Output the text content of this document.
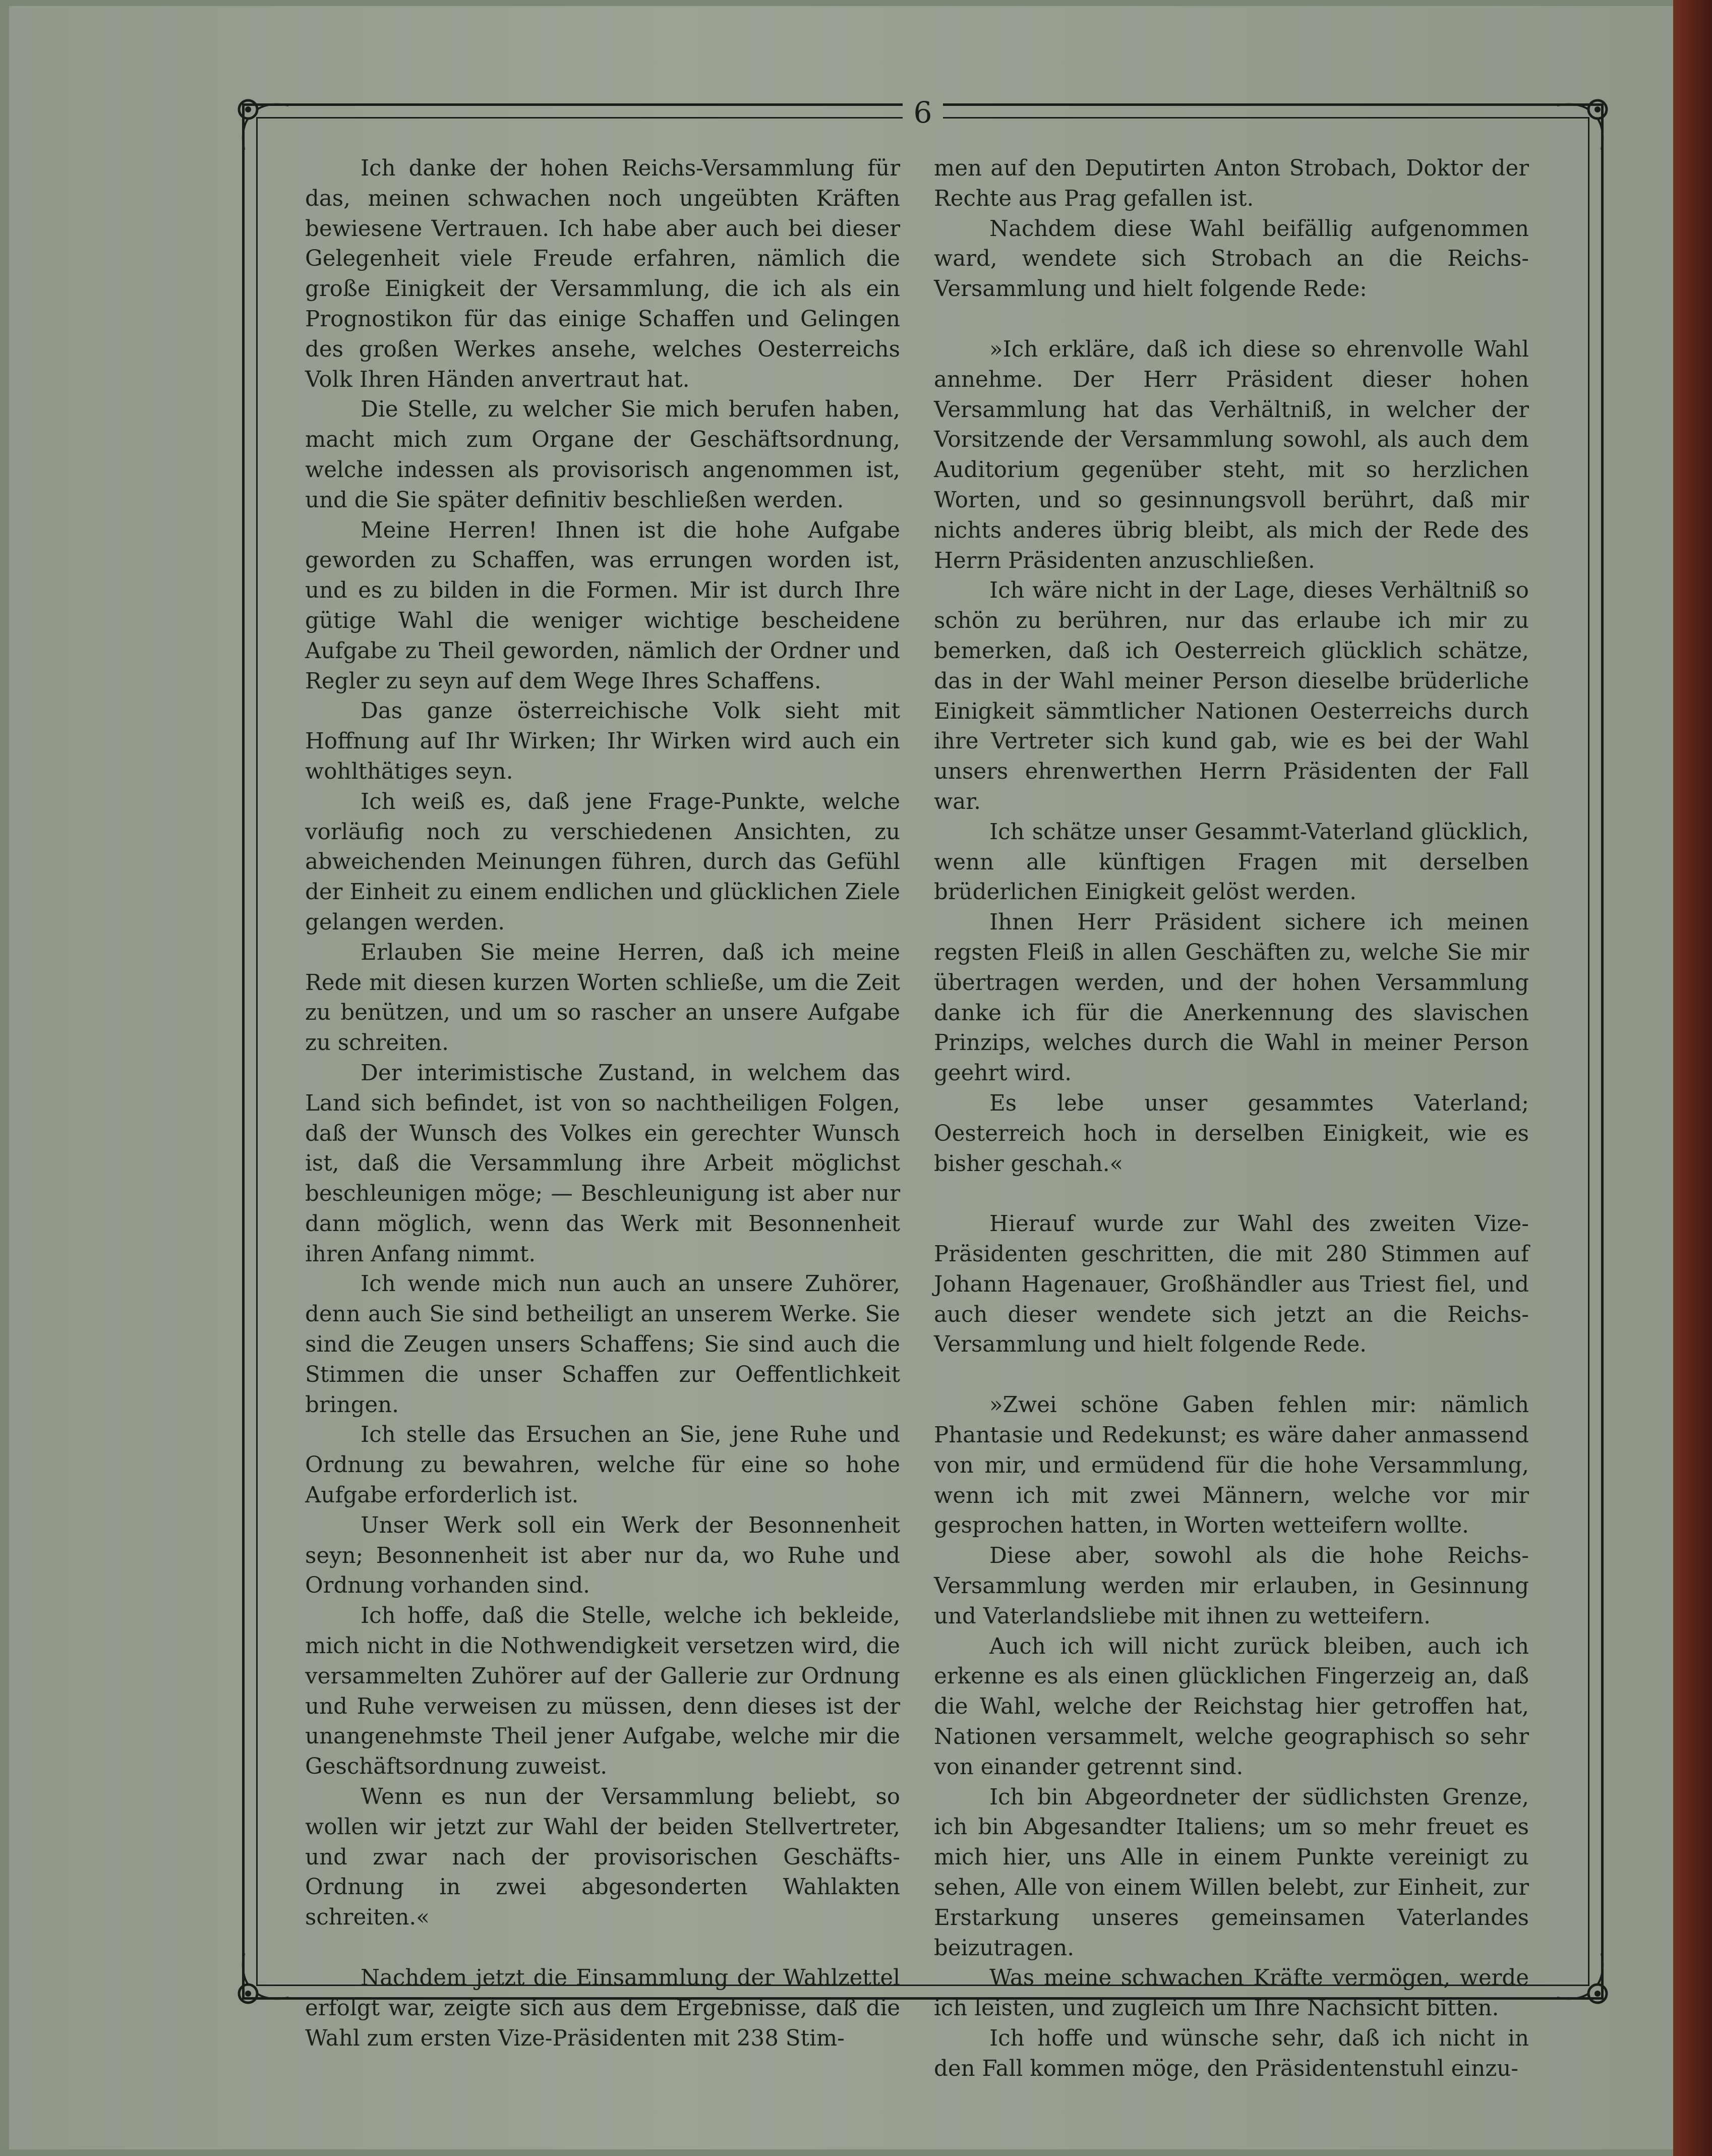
6

Ich danke der hohen Reichs-Versammlung für das, meinen schwachen noch ungeübten Kräften bewiesene Vertrauen. Ich habe aber auch bei dieser Gelegenheit viele Freude erfahren, nämlich die große Einigkeit der Versammlung, die ich als ein Prognostikon für das einige Schaffen und Gelingen des großen Werkes ansehe, welches Oesterreichs Volk Ihren Händen anvertraut hat.

Die Stelle, zu welcher Sie mich berufen haben, macht mich zum Organe der Geschäftsordnung, welche indessen als provisorisch angenommen ist, und die Sie später definitiv beschließen werden.

Meine Herren! Ihnen ist die hohe Aufgabe geworden zu Schaffen, was errungen worden ist, und es zu bilden in die Formen. Mir ist durch Ihre gütige Wahl die weniger wichtige bescheidene Aufgabe zu Theil geworden, nämlich der Ordner und Regler zu seyn auf dem Wege Ihres Schaffens.

Das ganze österreichische Volk sieht mit Hoffnung auf Ihr Wirken; Ihr Wirken wird auch ein wohlthätiges seyn.

Ich weiß es, daß jene Frage-Punkte, welche vorläufig noch zu verschiedenen Ansichten, zu abweichenden Meinungen führen, durch das Gefühl der Einheit zu einem endlichen und glücklichen Ziele gelangen werden.

Erlauben Sie meine Herren, daß ich meine Rede mit diesen kurzen Worten schließe, um die Zeit zu benützen, und um so rascher an unsere Aufgabe zu schreiten.

Der interimistische Zustand, in welchem das Land sich befindet, ist von so nachtheiligen Folgen, daß der Wunsch des Volkes ein gerechter Wunsch ist, daß die Versammlung ihre Arbeit möglichst beschleunigen möge; — Beschleunigung ist aber nur dann möglich, wenn das Werk mit Besonnenheit ihren Anfang nimmt.

Ich wende mich nun auch an unsere Zuhörer, denn auch Sie sind betheiligt an unserem Werke. Sie sind die Zeugen unsers Schaffens; Sie sind auch die Stimmen die unser Schaffen zur Oeffentlichkeit bringen.

Ich stelle das Ersuchen an Sie, jene Ruhe und Ordnung zu bewahren, welche für eine so hohe Aufgabe erforderlich ist.

Unser Werk soll ein Werk der Besonnenheit seyn; Besonnenheit ist aber nur da, wo Ruhe und Ordnung vorhanden sind.

Ich hoffe, daß die Stelle, welche ich bekleide, mich nicht in die Nothwendigkeit versetzen wird, die versammelten Zuhörer auf der Gallerie zur Ordnung und Ruhe verweisen zu müssen, denn dieses ist der unangenehmste Theil jener Aufgabe, welche mir die Geschäftsordnung zuweist.

Wenn es nun der Versammlung beliebt, so wollen wir jetzt zur Wahl der beiden Stellvertreter, und zwar nach der provisorischen Geschäfts-Ordnung in zwei abgesonderten Wahlakten schreiten.«

Nachdem jetzt die Einsammlung der Wahlzettel erfolgt war, zeigte sich aus dem Ergebnisse, daß die Wahl zum ersten Vize-Präsidenten mit 238 Stim-

men auf den Deputirten Anton Strobach, Doktor der Rechte aus Prag gefallen ist.

Nachdem diese Wahl beifällig aufgenommen ward, wendete sich Strobach an die Reichs-Versammlung und hielt folgende Rede:

»Ich erkläre, daß ich diese so ehrenvolle Wahl annehme. Der Herr Präsident dieser hohen Versammlung hat das Verhältniß, in welcher der Vorsitzende der Versammlung sowohl, als auch dem Auditorium gegenüber steht, mit so herzlichen Worten, und so gesinnungsvoll berührt, daß mir nichts anderes übrig bleibt, als mich der Rede des Herrn Präsidenten anzuschließen.

Ich wäre nicht in der Lage, dieses Verhältniß so schön zu berühren, nur das erlaube ich mir zu bemerken, daß ich Oesterreich glücklich schätze, das in der Wahl meiner Person dieselbe brüderliche Einigkeit sämmtlicher Nationen Oesterreichs durch ihre Vertreter sich kund gab, wie es bei der Wahl unsers ehrenwerthen Herrn Präsidenten der Fall war.

Ich schätze unser Gesammt-Vaterland glücklich, wenn alle künftigen Fragen mit derselben brüderlichen Einigkeit gelöst werden.

Ihnen Herr Präsident sichere ich meinen regsten Fleiß in allen Geschäften zu, welche Sie mir übertragen werden, und der hohen Versammlung danke ich für die Anerkennung des slavischen Prinzips, welches durch die Wahl in meiner Person geehrt wird.

Es lebe unser gesammtes Vaterland; Oesterreich hoch in derselben Einigkeit, wie es bisher geschah.«

Hierauf wurde zur Wahl des zweiten Vize-Präsidenten geschritten, die mit 280 Stimmen auf Johann Hagenauer, Großhändler aus Triest fiel, und auch dieser wendete sich jetzt an die Reichs-Versammlung und hielt folgende Rede.

»Zwei schöne Gaben fehlen mir: nämlich Phantasie und Redekunst; es wäre daher anmassend von mir, und ermüdend für die hohe Versammlung, wenn ich mit zwei Männern, welche vor mir gesprochen hatten, in Worten wetteifern wollte.

Diese aber, sowohl als die hohe Reichs-Versammlung werden mir erlauben, in Gesinnung und Vaterlandsliebe mit ihnen zu wetteifern.

Auch ich will nicht zurück bleiben, auch ich erkenne es als einen glücklichen Fingerzeig an, daß die Wahl, welche der Reichstag hier getroffen hat, Nationen versammelt, welche geographisch so sehr von einander getrennt sind.

Ich bin Abgeordneter der südlichsten Grenze, ich bin Abgesandter Italiens; um so mehr freuet es mich hier, uns Alle in einem Punkte vereinigt zu sehen, Alle von einem Willen belebt, zur Einheit, zur Erstarkung unseres gemeinsamen Vaterlandes beizutragen.

Was meine schwachen Kräfte vermögen, werde ich leisten, und zugleich um Ihre Nachsicht bitten.

Ich hoffe und wünsche sehr, daß ich nicht in den Fall kommen möge, den Präsidentenstuhl einzu-
